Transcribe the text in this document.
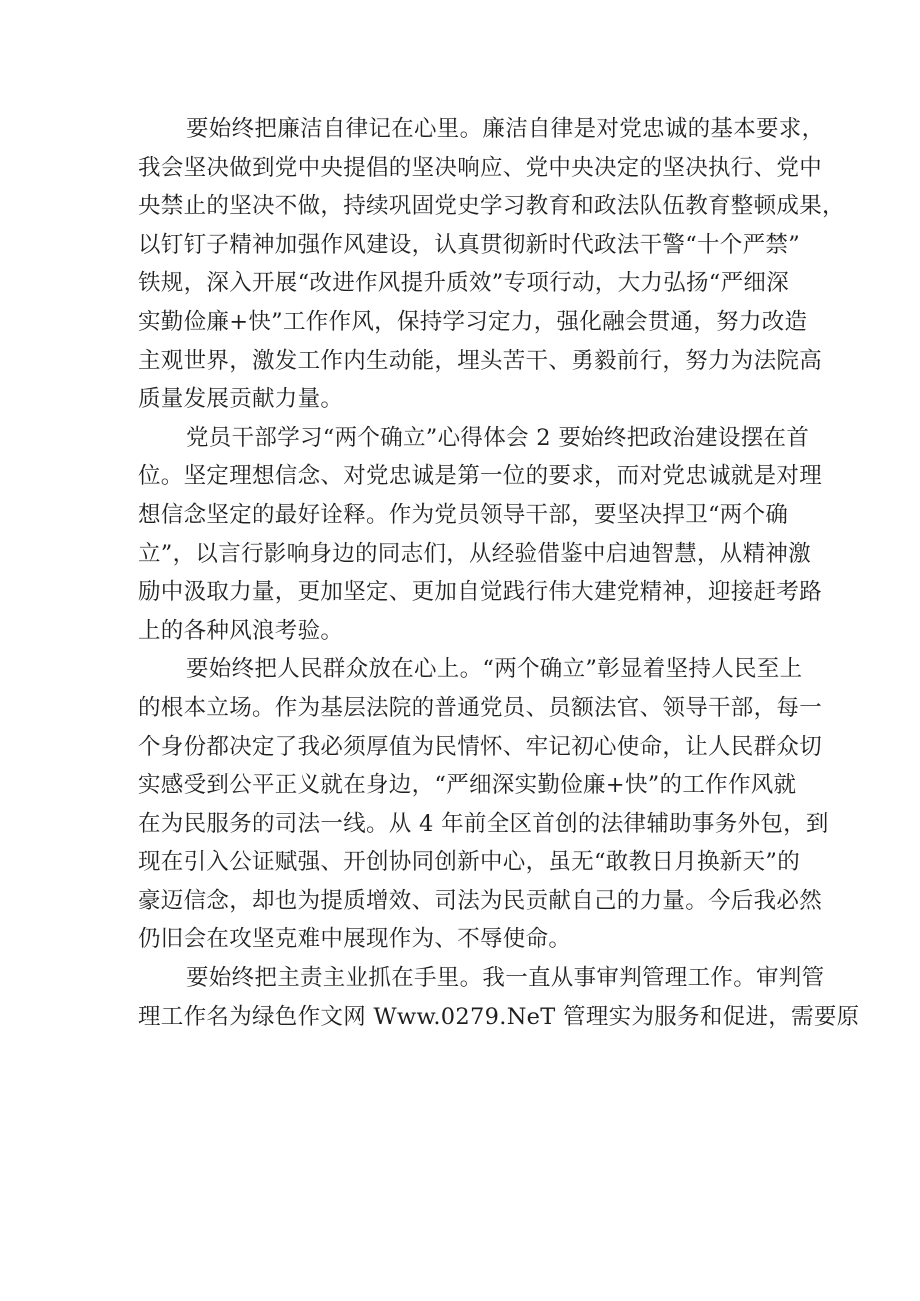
要始终把廉洁自律记在心里。廉洁自律是对党忠诚的基本要求，
我会坚决做到党中央提倡的坚决响应、党中央决定的坚决执行、党中
央禁止的坚决不做，持续巩固党史学习教育和政法队伍教育整顿成果，
以钉钉子精神加强作风建设，认真贯彻新时代政法干警“十个严禁”
铁规，深入开展“改进作风提升质效”专项行动，大力弘扬“严细深
实勤俭廉+快”工作作风，保持学习定力，强化融会贯通，努力改造
主观世界，激发工作内生动能，埋头苦干、勇毅前行，努力为法院高
质量发展贡献力量。
党员干部学习“两个确立”心得体会 2 要始终把政治建设摆在首
位。坚定理想信念、对党忠诚是第一位的要求，而对党忠诚就是对理
想信念坚定的最好诠释。作为党员领导干部，要坚决捍卫“两个确
立”，以言行影响身边的同志们，从经验借鉴中启迪智慧，从精神激
励中汲取力量，更加坚定、更加自觉践行伟大建党精神，迎接赶考路
上的各种风浪考验。
要始终把人民群众放在心上。“两个确立”彰显着坚持人民至上
的根本立场。作为基层法院的普通党员、员额法官、领导干部，每一
个身份都决定了我必须厚值为民情怀、牢记初心使命，让人民群众切
实感受到公平正义就在身边，“严细深实勤俭廉+快”的工作作风就
在为民服务的司法一线。从 4 年前全区首创的法律辅助事务外包，到
现在引入公证赋强、开创协同创新中心，虽无“敢教日月换新天”的
豪迈信念，却也为提质增效、司法为民贡献自己的力量。今后我必然
仍旧会在攻坚克难中展现作为、不辱使命。
要始终把主责主业抓在手里。我一直从事审判管理工作。审判管
理工作名为绿色作文网 Www.0279.NeT 管理实为服务和促进，需要原
